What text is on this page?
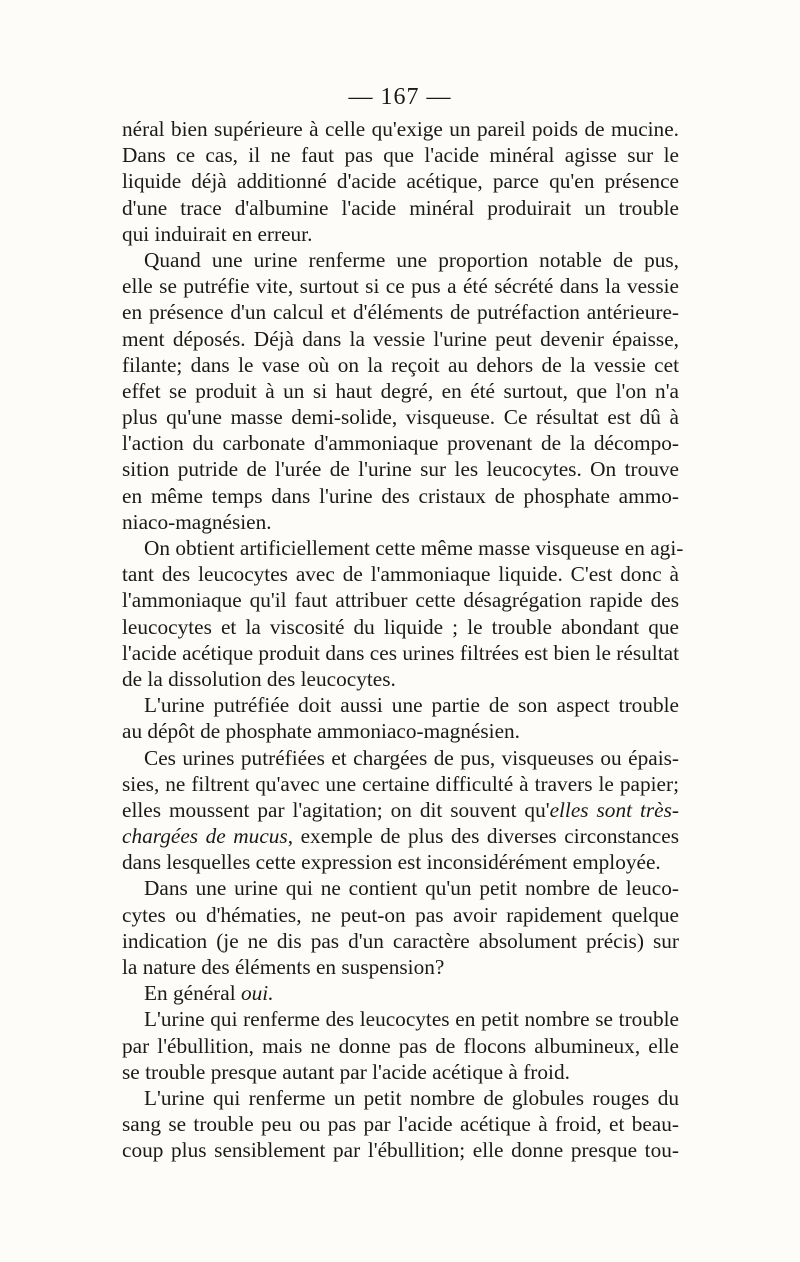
— 167 —
néral bien supérieure à celle qu'exige un pareil poids de mucine.
Dans ce cas, il ne faut pas que l'acide minéral agisse sur le
liquide déjà additionné d'acide acétique, parce qu'en présence
d'une trace d'albumine l'acide minéral produirait un trouble
qui induirait en erreur.
Quand une urine renferme une proportion notable de pus,
elle se putréfie vite, surtout si ce pus a été sécrété dans la vessie
en présence d'un calcul et d'éléments de putréfaction antérieure-
ment déposés. Déjà dans la vessie l'urine peut devenir épaisse,
filante; dans le vase où on la reçoit au dehors de la vessie cet
effet se produit à un si haut degré, en été surtout, que l'on n'a
plus qu'une masse demi-solide, visqueuse. Ce résultat est dû à
l'action du carbonate d'ammoniaque provenant de la décompo-
sition putride de l'urée de l'urine sur les leucocytes. On trouve
en même temps dans l'urine des cristaux de phosphate ammo-
niaco-magnésien.
On obtient artificiellement cette même masse visqueuse en agi-
tant des leucocytes avec de l'ammoniaque liquide. C'est donc à
l'ammoniaque qu'il faut attribuer cette désagrégation rapide des
leucocytes et la viscosité du liquide ; le trouble abondant que
l'acide acétique produit dans ces urines filtrées est bien le résultat
de la dissolution des leucocytes.
L'urine putréfiée doit aussi une partie de son aspect trouble
au dépôt de phosphate ammoniaco-magnésien.
Ces urines putréfiées et chargées de pus, visqueuses ou épais-
sies, ne filtrent qu'avec une certaine difficulté à travers le papier;
elles moussent par l'agitation; on dit souvent qu'elles sont très-
chargées de mucus, exemple de plus des diverses circonstances
dans lesquelles cette expression est inconsidérément employée.
Dans une urine qui ne contient qu'un petit nombre de leuco-
cytes ou d'hématies, ne peut-on pas avoir rapidement quelque
indication (je ne dis pas d'un caractère absolument précis) sur
la nature des éléments en suspension?
En général oui.
L'urine qui renferme des leucocytes en petit nombre se trouble
par l'ébullition, mais ne donne pas de flocons albumineux, elle
se trouble presque autant par l'acide acétique à froid.
L'urine qui renferme un petit nombre de globules rouges du
sang se trouble peu ou pas par l'acide acétique à froid, et beau-
coup plus sensiblement par l'ébullition; elle donne presque tou-
